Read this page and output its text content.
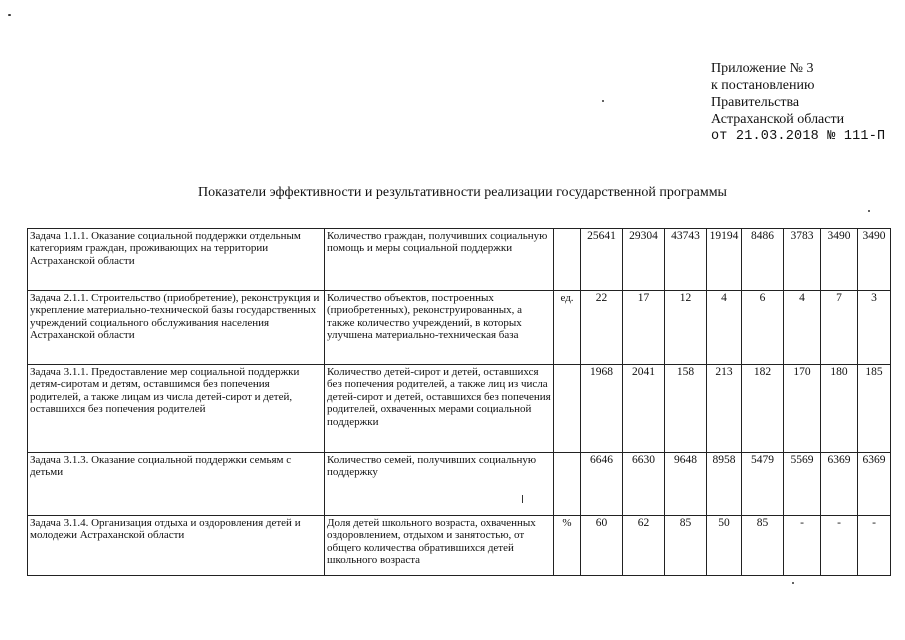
Приложение № 3
к постановлению
Правительства
Астраханской области
от 21.03.2018 № 111-П
Показатели эффективности и результативности реализации государственной программы
Задача 1.1.1. Оказание социальной поддержки отдельным категориям граждан, проживающих на территории Астраханской области	Количество граждан, получивших социальную помощь и меры социальной поддержки		25641	29304	43743	19194	8486	3783	3490	3490
Задача 2.1.1. Строительство (приобретение), реконструкция и укрепление материально-технической базы государственных учреждений социального обслуживания населения Астраханской области	Количество объектов, построенных (приобретенных), реконструированных, а также количество учреждений, в которых улучшена материально-техническая база	ед.	22	17	12	4	6	4	7	3
Задача 3.1.1. Предоставление мер социальной поддержки детям-сиротам и детям, оставшимся без попечения родителей, а также лицам из числа детей-сирот и детей, оставшихся без попечения родителей	Количество детей-сирот и детей, оставшихся без попечения родителей, а также лиц из числа детей-сирот и детей, оставшихся без попечения родителей, охваченных мерами социальной поддержки		1968	2041	158	213	182	170	180	185
Задача 3.1.3. Оказание социальной поддержки семьям с детьми	Количество семей, получивших социальную поддержку		6646	6630	9648	8958	5479	5569	6369	6369
Задача 3.1.4. Организация отдыха и оздоровления детей и молодежи Астраханской области	Доля детей школьного возраста, охваченных оздоровлением, отдыхом и занятостью, от общего количества обратившихся детей школьного возраста	%	60	62	85	50	85	-	-	-
